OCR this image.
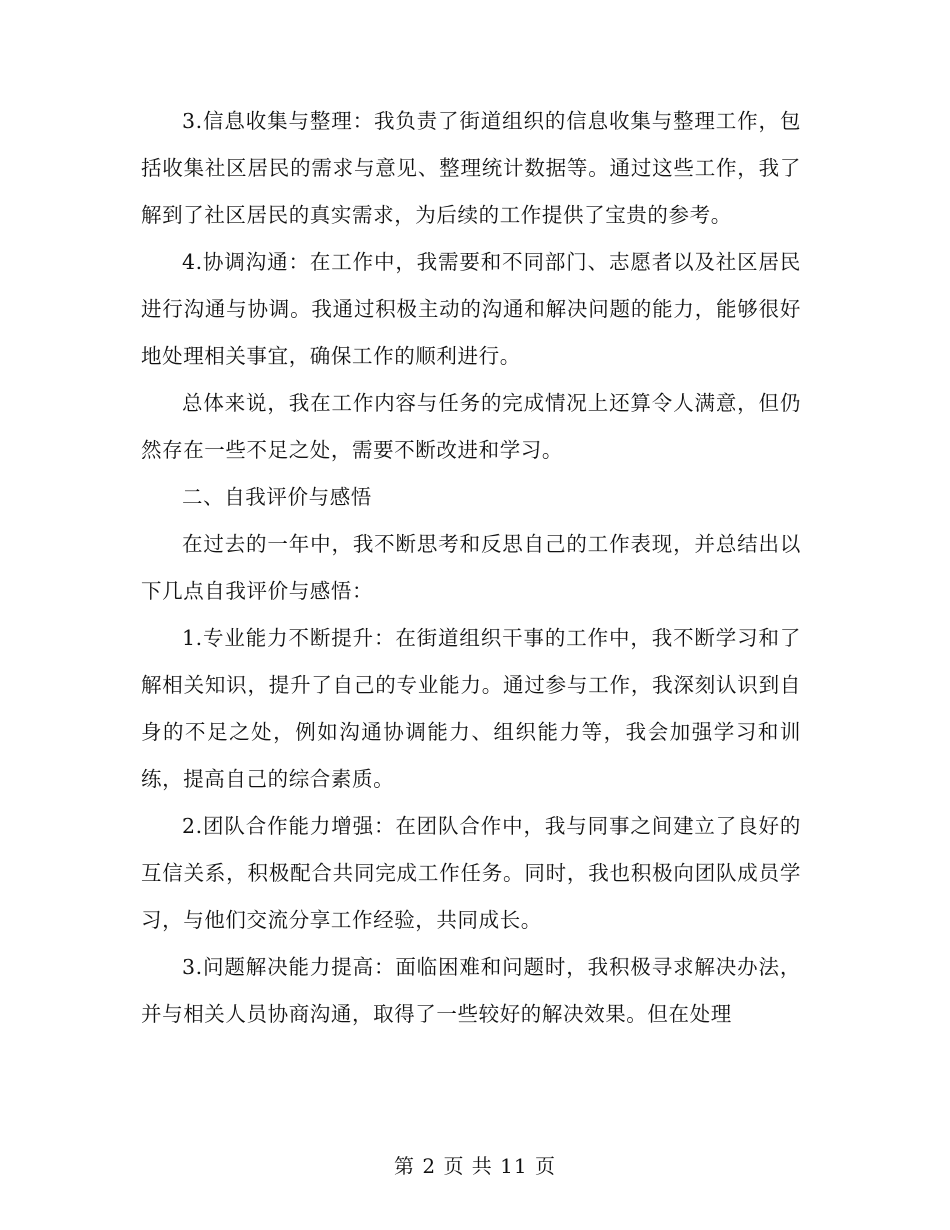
3.信息收集与整理：我负责了街道组织的信息收集与整理工作，包括收集社区居民的需求与意见、整理统计数据等。通过这些工作，我了解到了社区居民的真实需求，为后续的工作提供了宝贵的参考。

4.协调沟通：在工作中，我需要和不同部门、志愿者以及社区居民进行沟通与协调。我通过积极主动的沟通和解决问题的能力，能够很好地处理相关事宜，确保工作的顺利进行。

总体来说，我在工作内容与任务的完成情况上还算令人满意，但仍然存在一些不足之处，需要不断改进和学习。

二、自我评价与感悟

在过去的一年中，我不断思考和反思自己的工作表现，并总结出以下几点自我评价与感悟：

1.专业能力不断提升：在街道组织干事的工作中，我不断学习和了解相关知识，提升了自己的专业能力。通过参与工作，我深刻认识到自身的不足之处，例如沟通协调能力、组织能力等，我会加强学习和训练，提高自己的综合素质。

2.团队合作能力增强：在团队合作中，我与同事之间建立了良好的互信关系，积极配合共同完成工作任务。同时，我也积极向团队成员学习，与他们交流分享工作经验，共同成长。

3.问题解决能力提高：面临困难和问题时，我积极寻求解决办法，并与相关人员协商沟通，取得了一些较好的解决效果。但在处理

第 2 页 共 11 页
